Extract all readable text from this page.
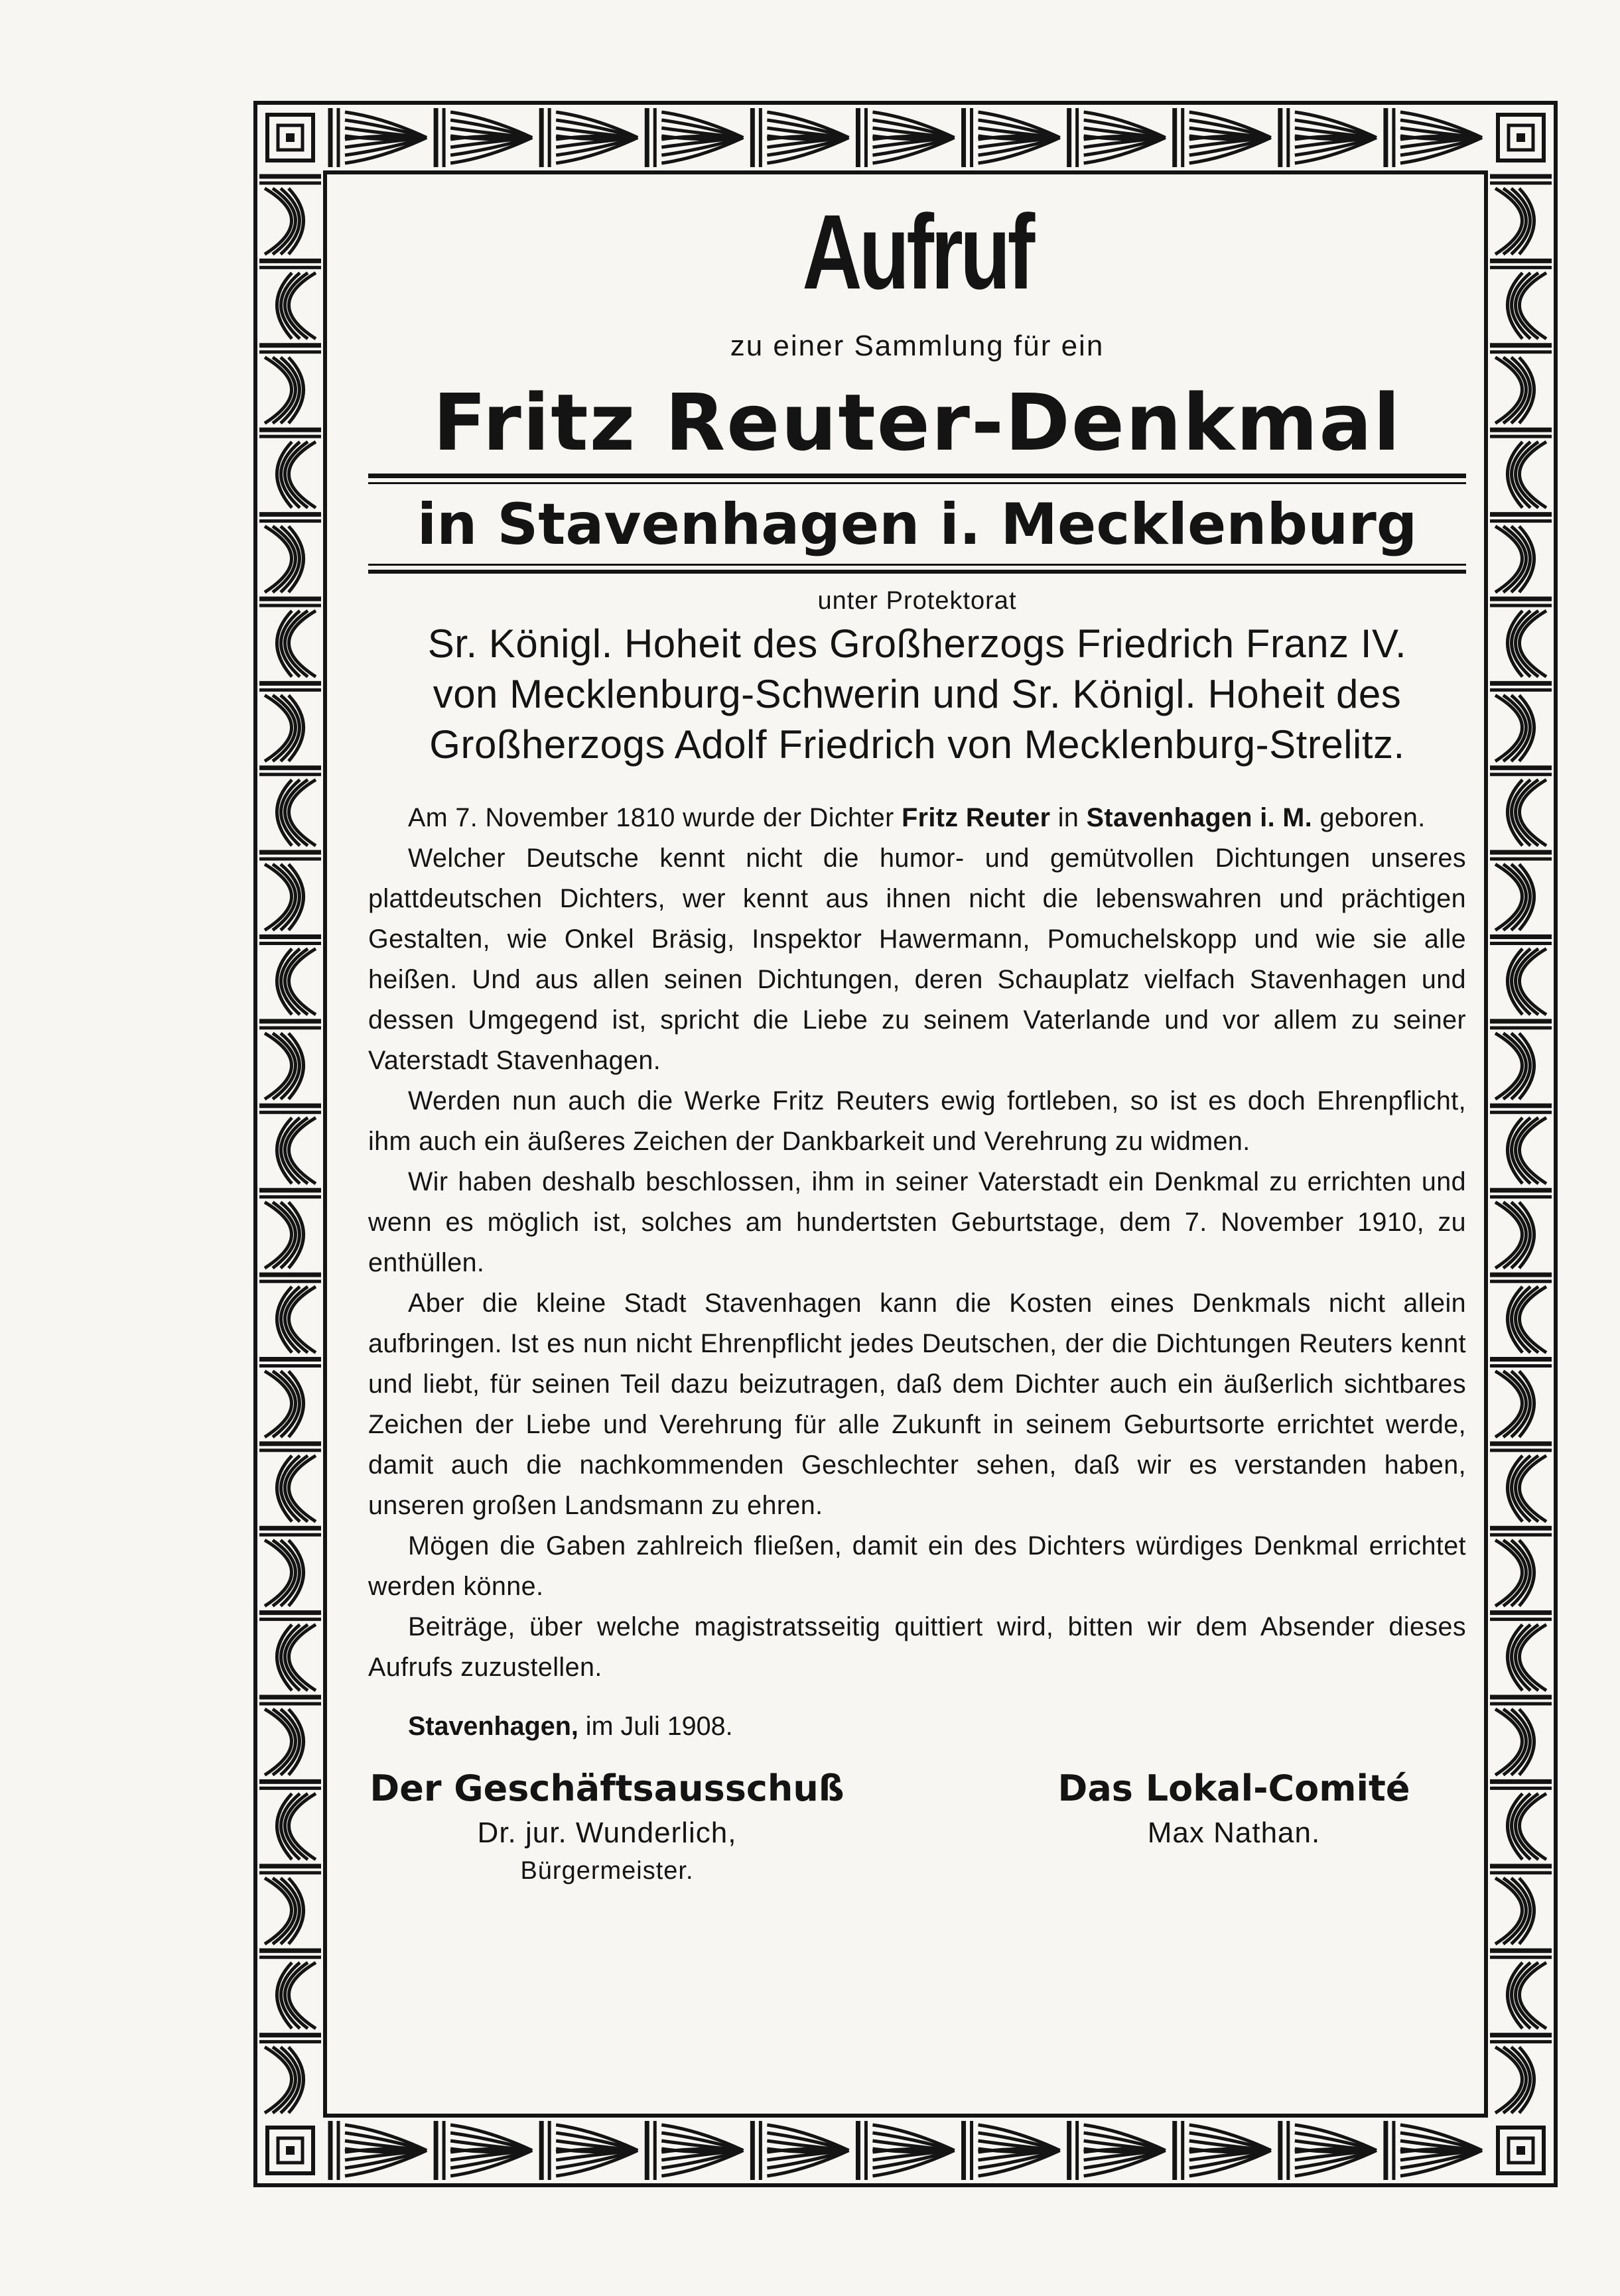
Aufruf
zu einer Sammlung für ein
Fritz Reuter-Denkmal
in Stavenhagen i. Mecklenburg
unter Protektorat
Sr. Königl. Hoheit des Großherzogs Friedrich Franz IV.
von Mecklenburg-Schwerin und Sr. Königl. Hoheit des
Großherzogs Adolf Friedrich von Mecklenburg-Strelitz.

Am 7. November 1810 wurde der Dichter Fritz Reuter in Stavenhagen i. M. geboren.

Welcher Deutsche kennt nicht die humor- und gemütvollen Dichtungen unseres plattdeutschen Dichters, wer kennt aus ihnen nicht die lebenswahren und prächtigen Gestalten, wie Onkel Bräsig, Inspektor Hawermann, Pomuchelskopp und wie sie alle heißen. Und aus allen seinen Dichtungen, deren Schauplatz vielfach Stavenhagen und dessen Umgegend ist, spricht die Liebe zu seinem Vaterlande und vor allem zu seiner Vaterstadt Stavenhagen.

Werden nun auch die Werke Fritz Reuters ewig fortleben, so ist es doch Ehrenpflicht, ihm auch ein äußeres Zeichen der Dankbarkeit und Verehrung zu widmen.

Wir haben deshalb beschlossen, ihm in seiner Vaterstadt ein Denkmal zu errichten und wenn es möglich ist, solches am hundertsten Geburtstage, dem 7. November 1910, zu enthüllen.

Aber die kleine Stadt Stavenhagen kann die Kosten eines Denkmals nicht allein aufbringen. Ist es nun nicht Ehrenpflicht jedes Deutschen, der die Dichtungen Reuters kennt und liebt, für seinen Teil dazu beizutragen, daß dem Dichter auch ein äußerlich sichtbares Zeichen der Liebe und Verehrung für alle Zukunft in seinem Geburtsorte errichtet werde, damit auch die nachkommenden Geschlechter sehen, daß wir es verstanden haben, unseren großen Landsmann zu ehren.

Mögen die Gaben zahlreich fließen, damit ein des Dichters würdiges Denkmal errichtet werden könne.

Beiträge, über welche magistratsseitig quittiert wird, bitten wir dem Absender dieses Aufrufs zuzustellen.

Stavenhagen, im Juli 1908.
Der Geschäftsausschuß
Dr. jur. Wunderlich,
Bürgermeister.
Das Lokal-Comité
Max Nathan.
